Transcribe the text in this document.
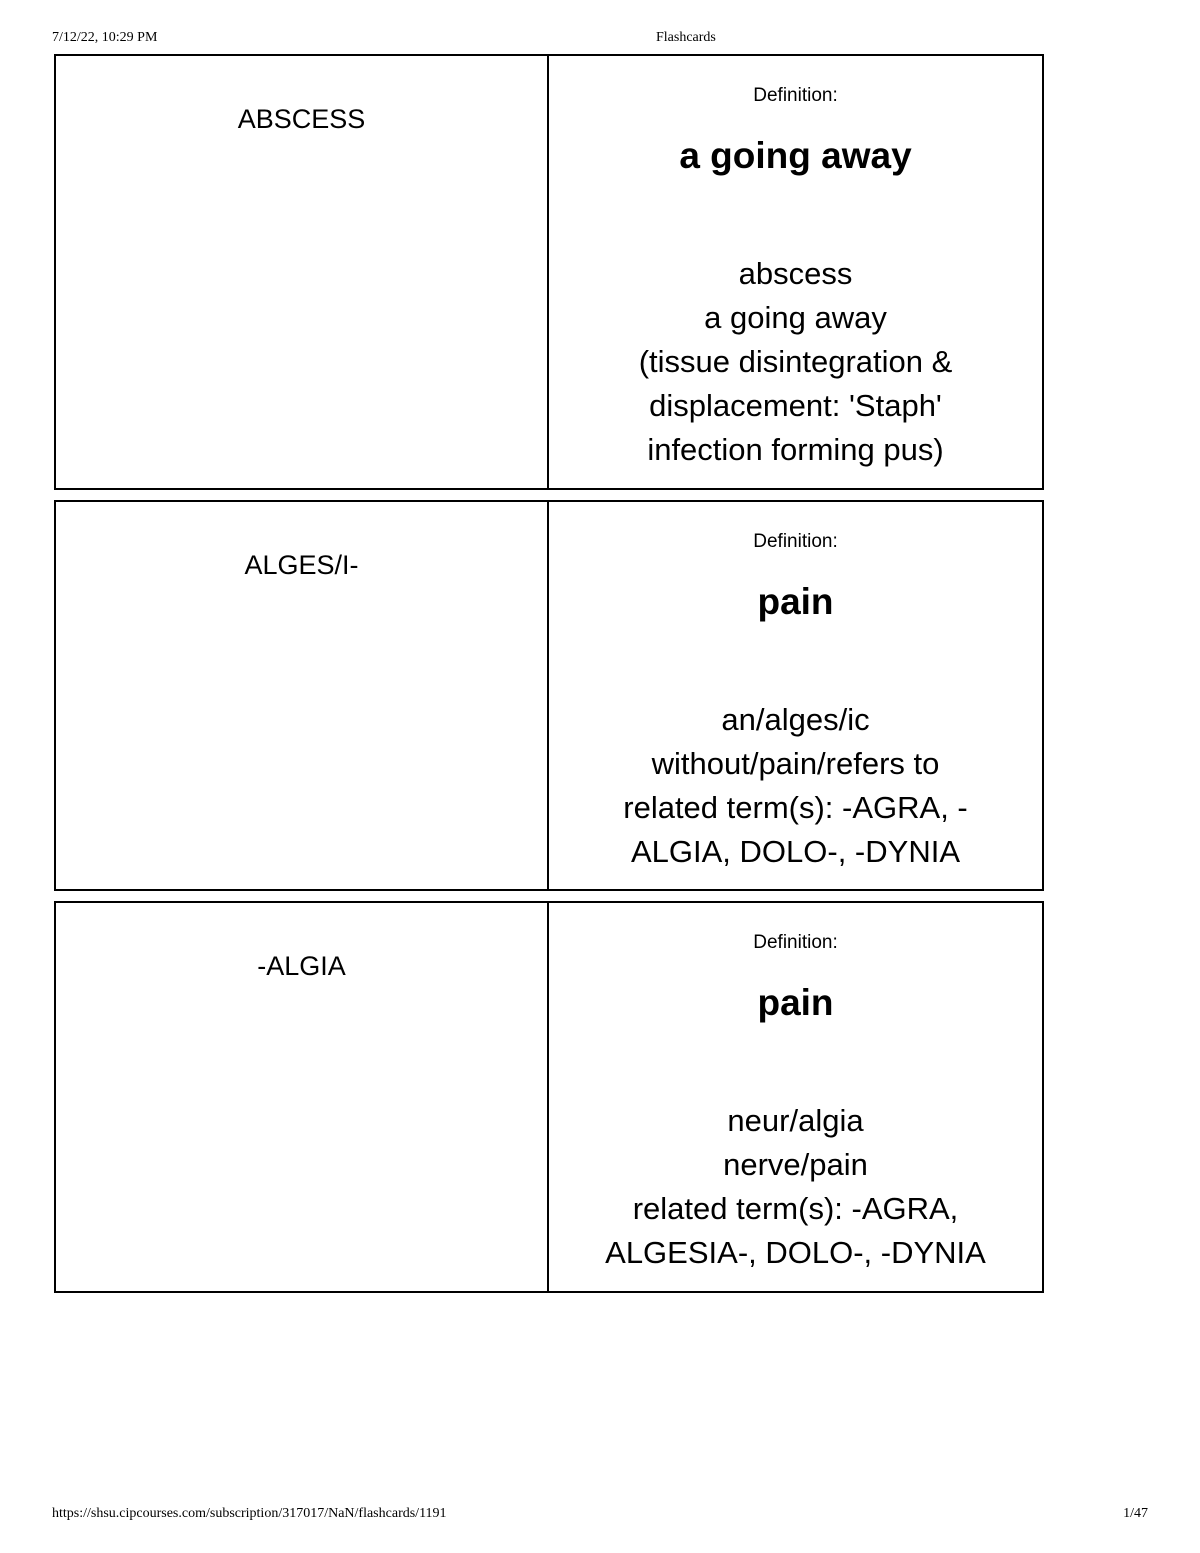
7/12/22, 10:29 PM	Flashcards
ABSCESS
Definition:
a going away
abscess
a going away
(tissue disintegration &
displacement: 'Staph'
infection forming pus)
ALGES/I-
Definition:
pain
an/alges/ic
without/pain/refers to
related term(s): -AGRA, -
ALGIA, DOLO-, -DYNIA
-ALGIA
Definition:
pain
neur/algia
nerve/pain
related term(s): -AGRA,
ALGESIA-, DOLO-, -DYNIA
https://shsu.cipcourses.com/subscription/317017/NaN/flashcards/1191	1/47
